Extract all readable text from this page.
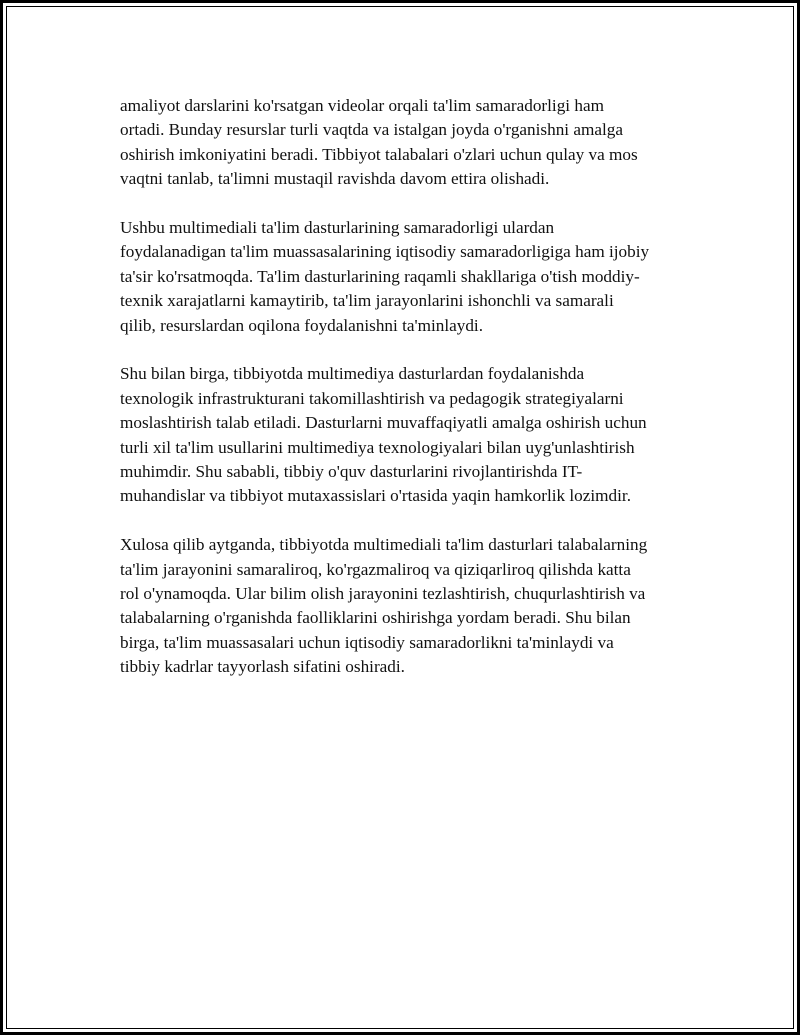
amaliyot darslarini ko'rsatgan videolar orqali ta'lim samaradorligi ham
ortadi. Bunday resurslar turli vaqtda va istalgan joyda o'rganishni amalga
oshirish imkoniyatini beradi. Tibbiyot talabalari o'zlari uchun qulay va mos
vaqtni tanlab, ta'limni mustaqil ravishda davom ettira olishadi.

Ushbu multimediali ta'lim dasturlarining samaradorligi ulardan
foydalanadigan ta'lim muassasalarining iqtisodiy samaradorligiga ham ijobiy
ta'sir ko'rsatmoqda. Ta'lim dasturlarining raqamli shakllariga o'tish moddiy-
texnik xarajatlarni kamaytirib, ta'lim jarayonlarini ishonchli va samarali
qilib, resurslardan oqilona foydalanishni ta'minlaydi.

Shu bilan birga, tibbiyotda multimediya dasturlardan foydalanishda
texnologik infrastrukturani takomillashtirish va pedagogik strategiyalarni
moslashtirish talab etiladi. Dasturlarni muvaffaqiyatli amalga oshirish uchun
turli xil ta'lim usullarini multimediya texnologiyalari bilan uyg'unlashtirish
muhimdir. Shu sababli, tibbiy o'quv dasturlarini rivojlantirishda IT-
muhandislar va tibbiyot mutaxassislari o'rtasida yaqin hamkorlik lozimdir.

Xulosa qilib aytganda, tibbiyotda multimediali ta'lim dasturlari talabalarning
ta'lim jarayonini samaraliroq, ko'rgazmaliroq va qiziqarliroq qilishda katta
rol o'ynamoqda. Ular bilim olish jarayonini tezlashtirish, chuqurlashtirish va
talabalarning o'rganishda faolliklarini oshirishga yordam beradi. Shu bilan
birga, ta'lim muassasalari uchun iqtisodiy samaradorlikni ta'minlaydi va
tibbiy kadrlar tayyorlash sifatini oshiradi.
